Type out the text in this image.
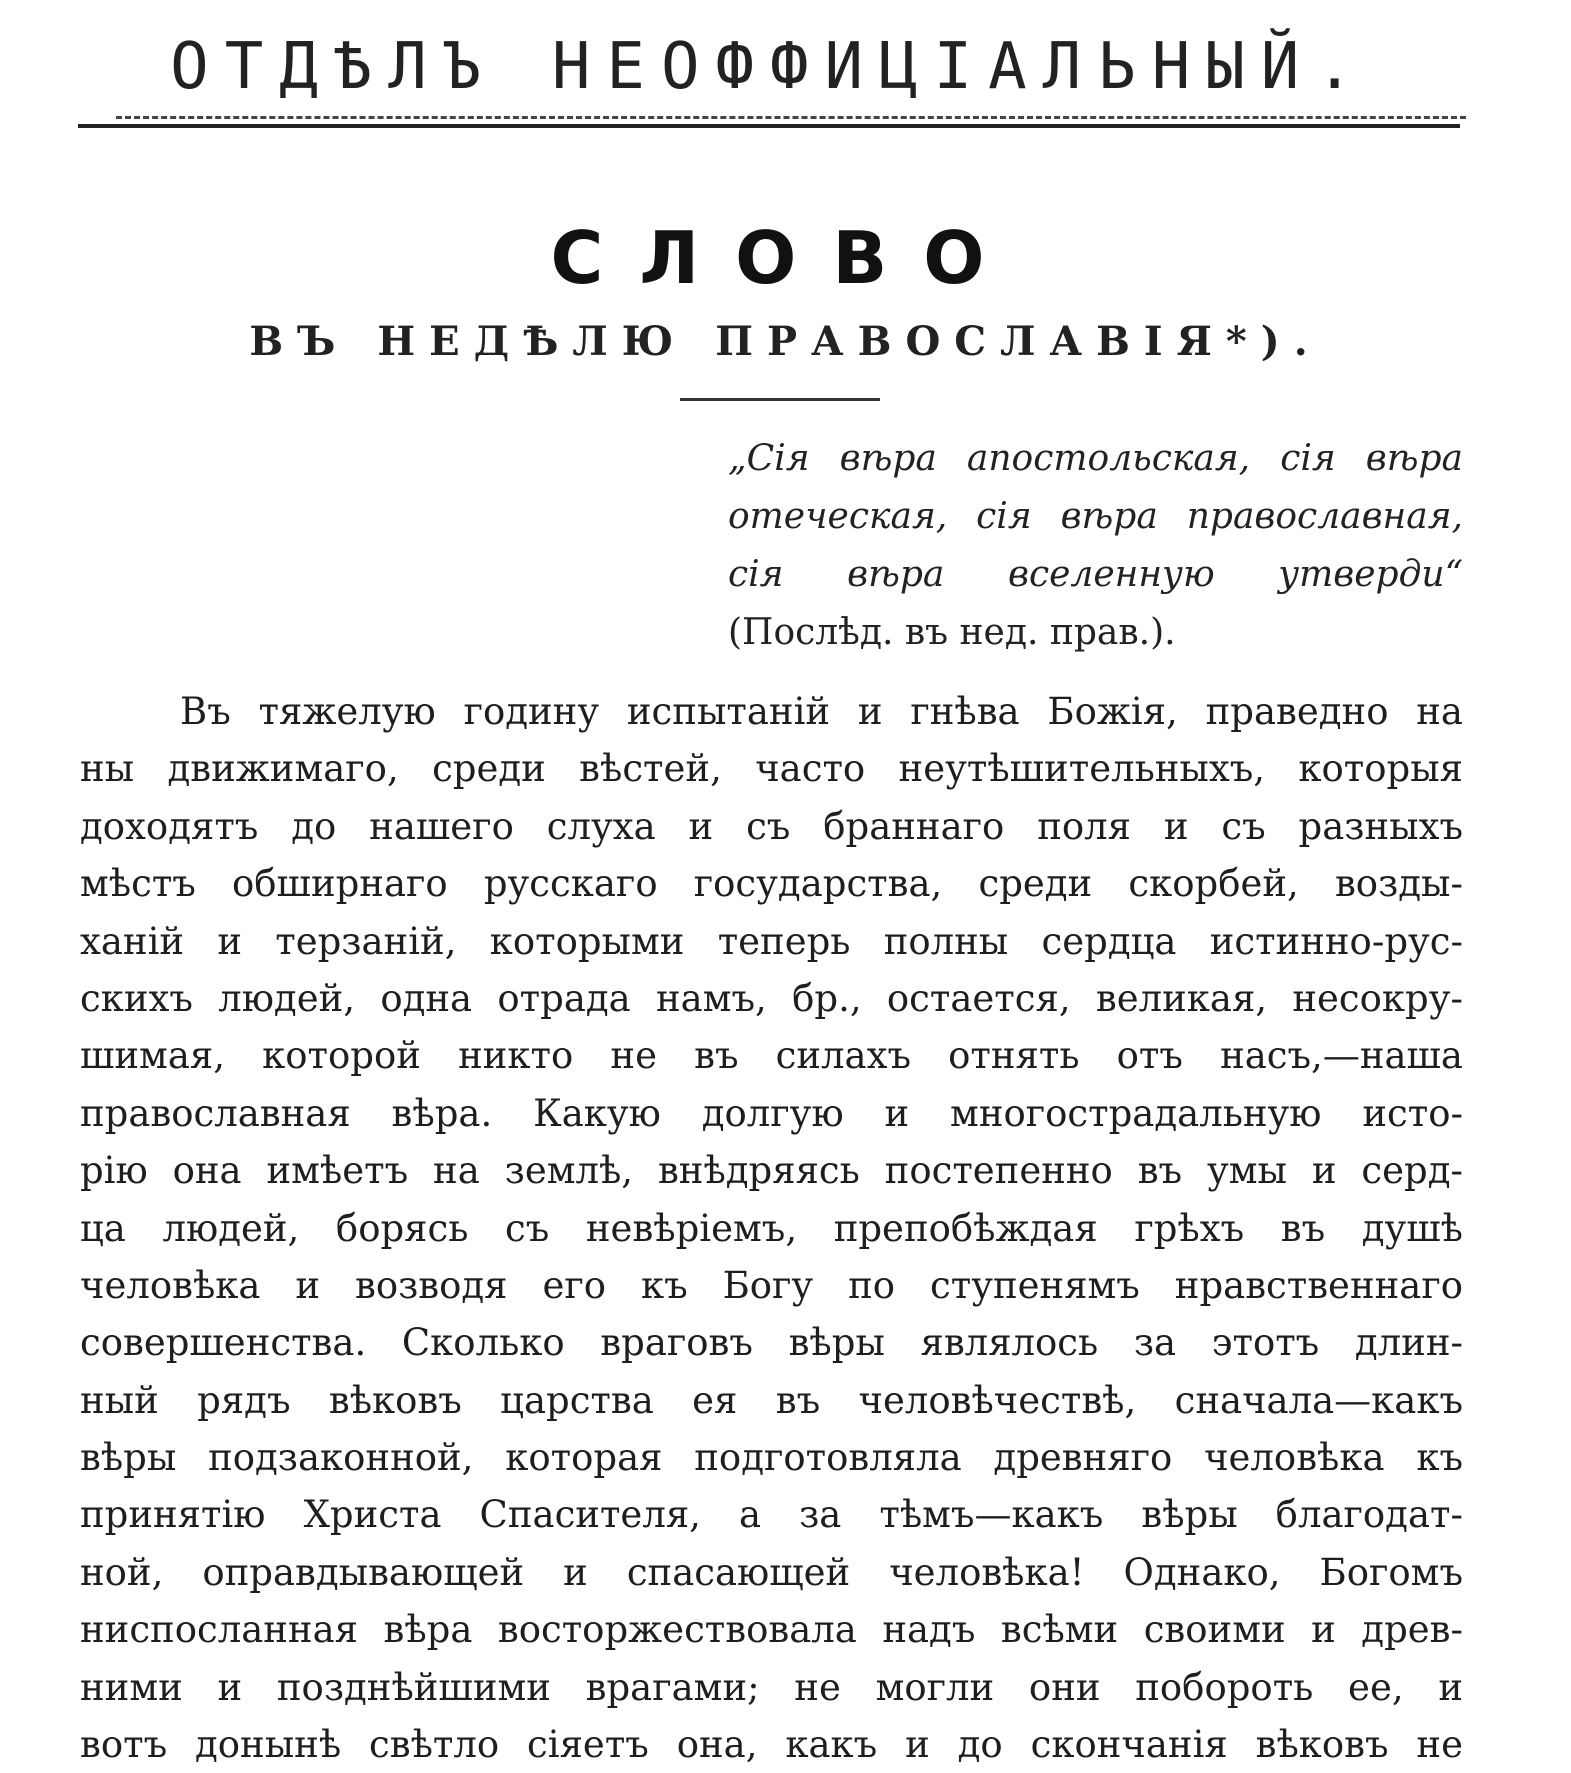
ОТДѢЛЪ НЕОФФИЦІАЛЬНЫЙ.
СЛОВО
ВЪ НЕДѢЛЮ ПРАВОСЛАВІЯ*).
„Сія вѣра апостольская, сія вѣра отеческая, сія вѣра православная, сія вѣра вселенную утверди“ (Послѣд. въ нед. прав.).
Въ тяжелую годину испытаній и гнѣва Божія, праведно на
ны движимаго, среди вѣстей, часто неутѣшительныхъ, которыя
доходятъ до нашего слуха и съ браннаго поля и съ разныхъ
мѣстъ обширнаго русскаго государства, среди скорбей, возды-
ханій и терзаній, которыми теперь полны сердца истинно-рус-
скихъ людей, одна отрада намъ, бр., остается, великая, несокру-
шимая, которой никто не въ силахъ отнять отъ насъ,—наша
православная вѣра. Какую долгую и многострадальную исто-
рію она имѣетъ на землѣ, внѣдряясь постепенно въ умы и серд-
ца людей, борясь съ невѣріемъ, препобѣждая грѣхъ въ душѣ
человѣка и возводя его къ Богу по ступенямъ нравственнаго
совершенства. Сколько враговъ вѣры являлось за этотъ длин-
ный рядъ вѣковъ царства ея въ человѣчествѣ, сначала—какъ
вѣры подзаконной, которая подготовляла древняго человѣка къ
принятію Христа Спасителя, а за тѣмъ—какъ вѣры благодат-
ной, оправдывающей и спасающей человѣка! Однако, Богомъ
ниспосланная вѣра восторжествовала надъ всѣми своими и древ-
ними и позднѣйшими врагами; не могли они побороть ее, и
вотъ донынѣ свѣтло сіяетъ она, какъ и до скончанія вѣковъ не
